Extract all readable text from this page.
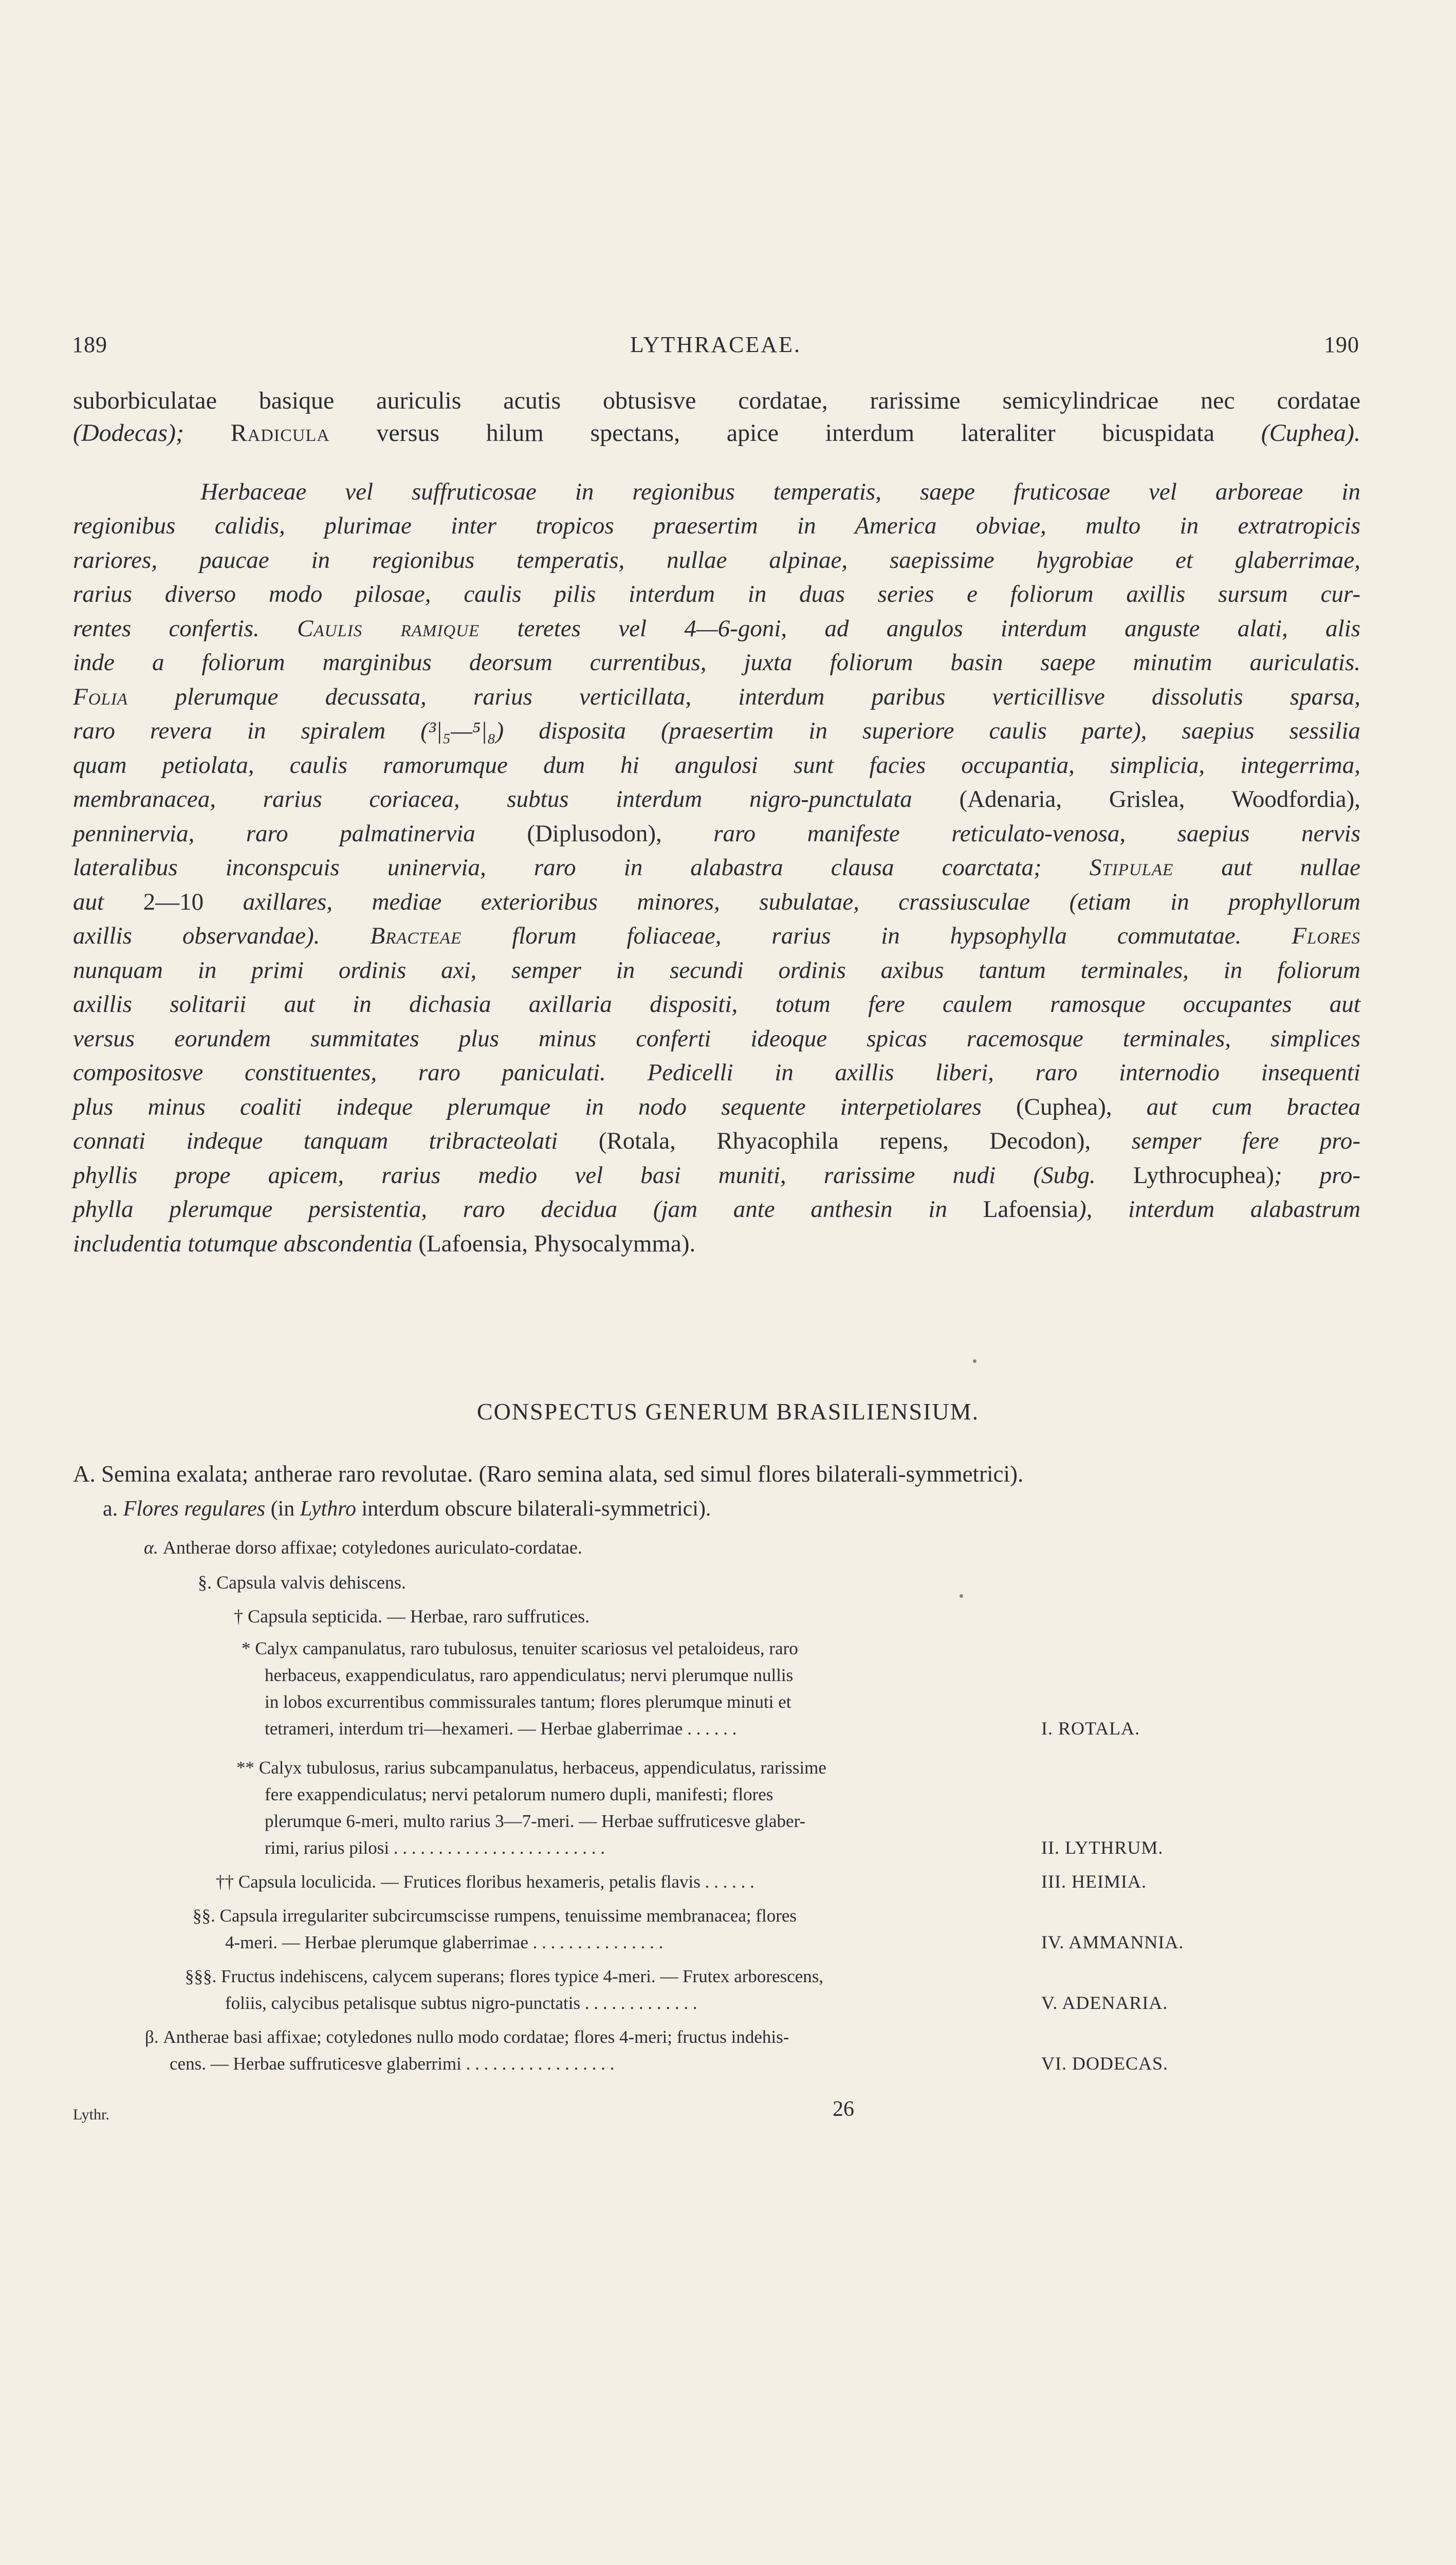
189	LYTHRACEAE.	190
suborbiculatae basique auriculis acutis obtusisve cordatae, rarissime semicylindricae nec cordatae
(Dodecas); Radicula versus hilum spectans, apice interdum lateraliter bicuspidata (Cuphea).
Herbaceae vel suffruticosae in regionibus temperatis, saepe fruticosae vel arboreae in
regionibus calidis, plurimae inter tropicos praesertim in America obviae, multo in extratropicis
rariores, paucae in regionibus temperatis, nullae alpinae, saepissime hygrobiae et glaberrimae,
rarius diverso modo pilosae, caulis pilis interdum in duas series e foliorum axillis sursum cur-
rentes confertis. Caulis ramique teretes vel 4—6-goni, ad angulos interdum anguste alati, alis
inde a foliorum marginibus deorsum currentibus, juxta foliorum basin saepe minutim auriculatis.
Folia plerumque decussata, rarius verticillata, interdum paribus verticillisve dissolutis sparsa,
raro revera in spiralem (³|₅—⁵|₈) disposita (praesertim in superiore caulis parte), saepius sessilia
quam petiolata, caulis ramorumque dum hi angulosi sunt facies occupantia, simplicia, integerrima,
membranacea, rarius coriacea, subtus interdum nigro-punctulata (Adenaria, Grislea, Woodfordia),
penninervia, raro palmatinervia (Diplusodon), raro manifeste reticulato-venosa, saepius nervis
lateralibus inconspcuis uninervia, raro in alabastra clausa coarctata; Stipulae aut nullae
aut 2—10 axillares, mediae exterioribus minores, subulatae, crassiusculae (etiam in prophyllorum
axillis observandae). Bracteae florum foliaceae, rarius in hypsophylla commutatae. Flores
nunquam in primi ordinis axi, semper in secundi ordinis axibus tantum terminales, in foliorum
axillis solitarii aut in dichasia axillaria dispositi, totum fere caulem ramosque occupantes aut
versus eorundem summitates plus minus conferti ideoque spicas racemosque terminales, simplices
compositosve constituentes, raro paniculati. Pedicelli in axillis liberi, raro internodio insequenti
plus minus coaliti indeque plerumque in nodo sequente interpetiolares (Cuphea), aut cum bractea
connati indeque tanquam tribracteolati (Rotala, Rhyacophila repens, Decodon), semper fere pro-
phyllis prope apicem, rarius medio vel basi muniti, rarissime nudi (Subg. Lythrocuphea); pro-
phylla plerumque persistentia, raro decidua (jam ante anthesin in Lafoensia), interdum alabastrum
includentia totumque abscondentia (Lafoensia, Physocalymma).
CONSPECTUS GENERUM BRASILIENSIUM.
A. Semina exalata; antherae raro revolutae. (Raro semina alata, sed simul flores bilaterali-symmetrici).
a. Flores regulares (in Lythro interdum obscure bilaterali-symmetrici).
α. Antherae dorso affixae; cotyledones auriculato-cordatae.
§. Capsula valvis dehiscens.
† Capsula septicida. — Herbae, raro suffrutices.
* Calyx campanulatus, raro tubulosus, tenuiter scariosus vel petaloideus, raro
herbaceus, exappendiculatus, raro appendiculatus; nervi plerumque nullis
in lobos excurrentibus commissurales tantum; flores plerumque minuti et
tetrameri, interdum tri—hexameri. — Herbae glaberrimae . . . . . .	I. ROTALA.
** Calyx tubulosus, rarius subcampanulatus, herbaceus, appendiculatus, rarissime
fere exappendiculatus; nervi petalorum numero dupli, manifesti; flores
plerumque 6-meri, multo rarius 3—7-meri. — Herbae suffruticesve glaber-
rimi, rarius pilosi . . . . . . . . . . . . . . . . . . . . . . . .	II. LYTHRUM.
†† Capsula loculicida. — Frutices floribus hexameris, petalis flavis . . . . . .	III. HEIMIA.
§§. Capsula irregulariter subcircumscisse rumpens, tenuissime membranacea; flores
4-meri. — Herbae plerumque glaberrimae . . . . . . . . . . . . . . .	IV. AMMANNIA.
§§§. Fructus indehiscens, calycem superans; flores typice 4-meri. — Frutex arborescens,
foliis, calycibus petalisque subtus nigro-punctatis . . . . . . . . . . . . .	V. ADENARIA.
β. Antherae basi affixae; cotyledones nullo modo cordatae; flores 4-meri; fructus indehis-
cens. — Herbae suffruticesve glaberrimi . . . . . . . . . . . . . . . . .	VI. DODECAS.
Lythr.	26
